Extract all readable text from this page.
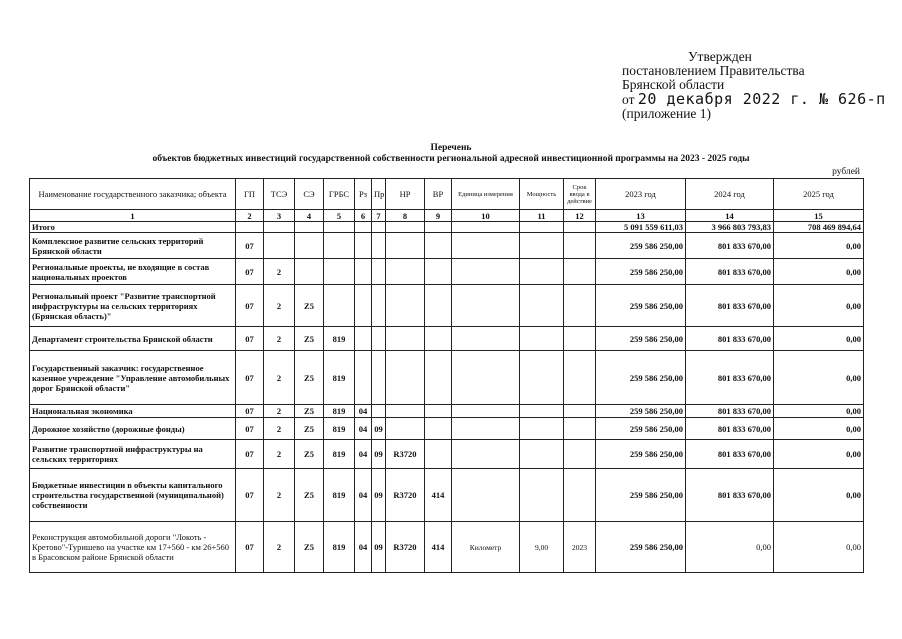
Утвержден
постановлением Правительства
Брянской области
от 20 декабря 2022 г. № 626-п
(приложение 1)
Перечень
объектов бюджетных инвестиций государственной собственности региональной адресной инвестиционной программы на 2023 - 2025 годы
рублей
Наименование государственного заказчика; объекта	ГП	ТСЭ	СЭ	ГРБС	Рз	Пр	НР	ВР	Единица измерения	Мощность	Срок ввода в действие	2023 год	2024 год	2025 год
1	2	3	4	5	6	7	8	9	10	11	12	13	14	15
Итого												5 091 559 611,03	3 966 803 793,83	708 469 894,64
Комплексное развитие сельских территорий Брянской области	07											259 586 250,00	801 833 670,00	0,00
Региональные проекты, не входящие в состав национальных проектов	07	2										259 586 250,00	801 833 670,00	0,00
Региональный проект "Развитие транспортной инфраструктуры на сельских территориях (Брянская область)"	07	2	Z5									259 586 250,00	801 833 670,00	0,00
Департамент строительства Брянской области	07	2	Z5	819								259 586 250,00	801 833 670,00	0,00
Государственный заказчик: государственное казенное учреждение "Управление автомобильных дорог Брянской области"	07	2	Z5	819								259 586 250,00	801 833 670,00	0,00
Национальная экономика	07	2	Z5	819	04							259 586 250,00	801 833 670,00	0,00
Дорожное хозяйство (дорожные фонды)	07	2	Z5	819	04	09						259 586 250,00	801 833 670,00	0,00
Развитие транспортной инфраструктуры на сельских территориях	07	2	Z5	819	04	09	R3720					259 586 250,00	801 833 670,00	0,00
Бюджетные инвестиции в объекты капитального строительства государственной (муниципальной) собственности	07	2	Z5	819	04	09	R3720	414				259 586 250,00	801 833 670,00	0,00
Реконструкция автомобильной дороги "Локоть - Кретово"-Туришево на участке км 17+560 - км 26+560 в Брасовском районе Брянской области	07	2	Z5	819	04	09	R3720	414	Километр	9,00	2023	259 586 250,00	0,00	0,00
